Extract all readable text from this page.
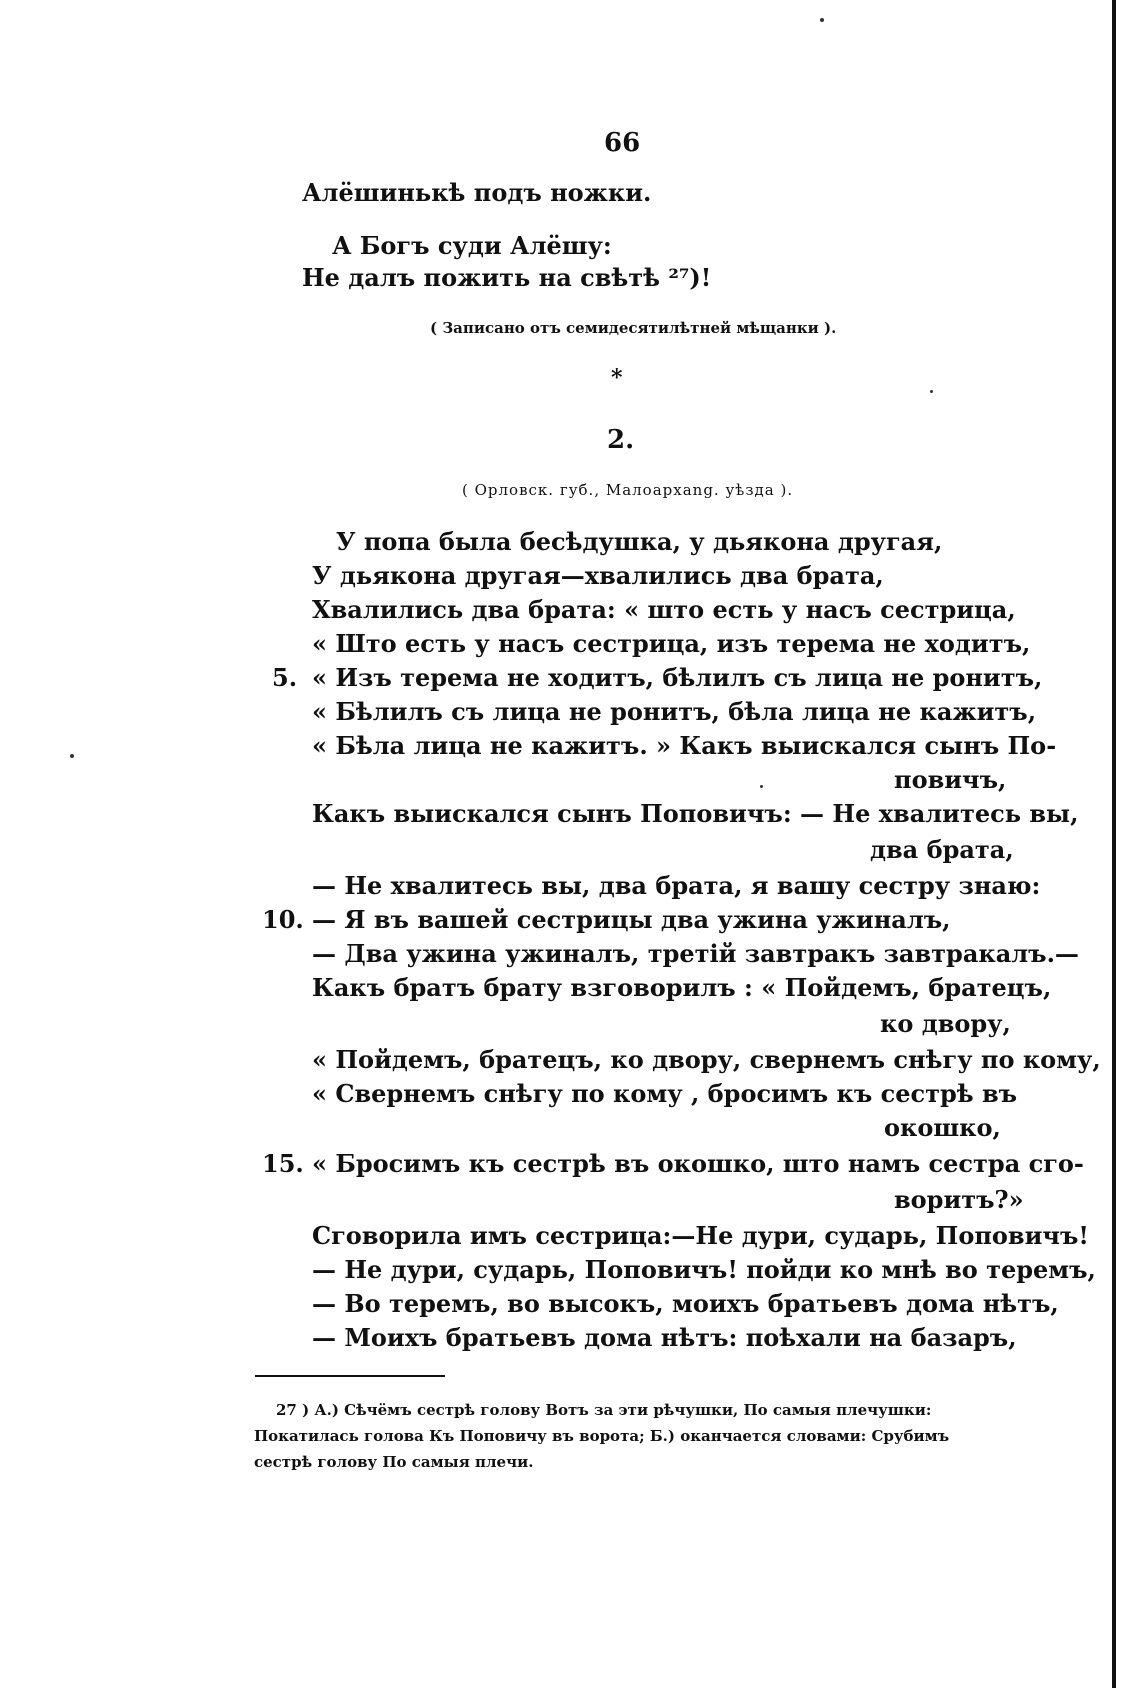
66
Алёшинькѣ подъ ножки.
А Богъ суди Алёшу:
Не далъ пожить на свѣтѣ ²⁷)!
( Записано отъ семидесятилѣтней мѣщанки ).
*
2.
( Орловск. губ., Малоархang. уѣзда ).
У попа была бесѣдушка, у дьякона другая,
У дьякона другая—хвалились два брата,
Хвалились два брата: « што есть у насъ сестрица,
« Што есть у насъ сестрица, изъ терема не ходитъ,
5. « Изъ терема не ходитъ, бѣлилъ съ лица не ронитъ,
« Бѣлилъ съ лица не ронитъ, бѣла лица не кажитъ,
« Бѣла лица не кажитъ. » Какъ выискался сынъ По-
повичъ,
Какъ выискался сынъ Поповичъ: — Не хвалитесь вы,
два брата,
— Не хвалитесь вы, два брата, я вашу сестру знаю:
10. — Я въ вашей сестрицы два ужина ужиналъ,
— Два ужина ужиналъ, третій завтракъ завтракалъ.—
Какъ братъ брату взговорилъ : « Пойдемъ, братецъ,
ко двору,
« Пойдемъ, братецъ, ко двору, свернемъ снѣгу по кому,
« Свернемъ снѣгу по кому , бросимъ къ сестрѣ въ
окошко,
15. « Бросимъ къ сестрѣ въ окошко, што намъ сестра сго-
воритъ?»
Сговорила имъ сестрица:—Не дури, сударь, Поповичъ!
— Не дури, сударь, Поповичъ! пойди ко мнѣ во теремъ,
— Во теремъ, во высокъ, моихъ братьевъ дома нѣтъ,
— Моихъ братьевъ дома нѣтъ: поѣхали на базаръ,
27 ) А.) Сѣчёмъ сестрѣ голову Вотъ за эти рѣчушки, По самыя плечушки:
Покатилась голова Къ Поповичу въ ворота; Б.) оканчается словами: Срубимъ
сестрѣ голову По самыя плечи.
